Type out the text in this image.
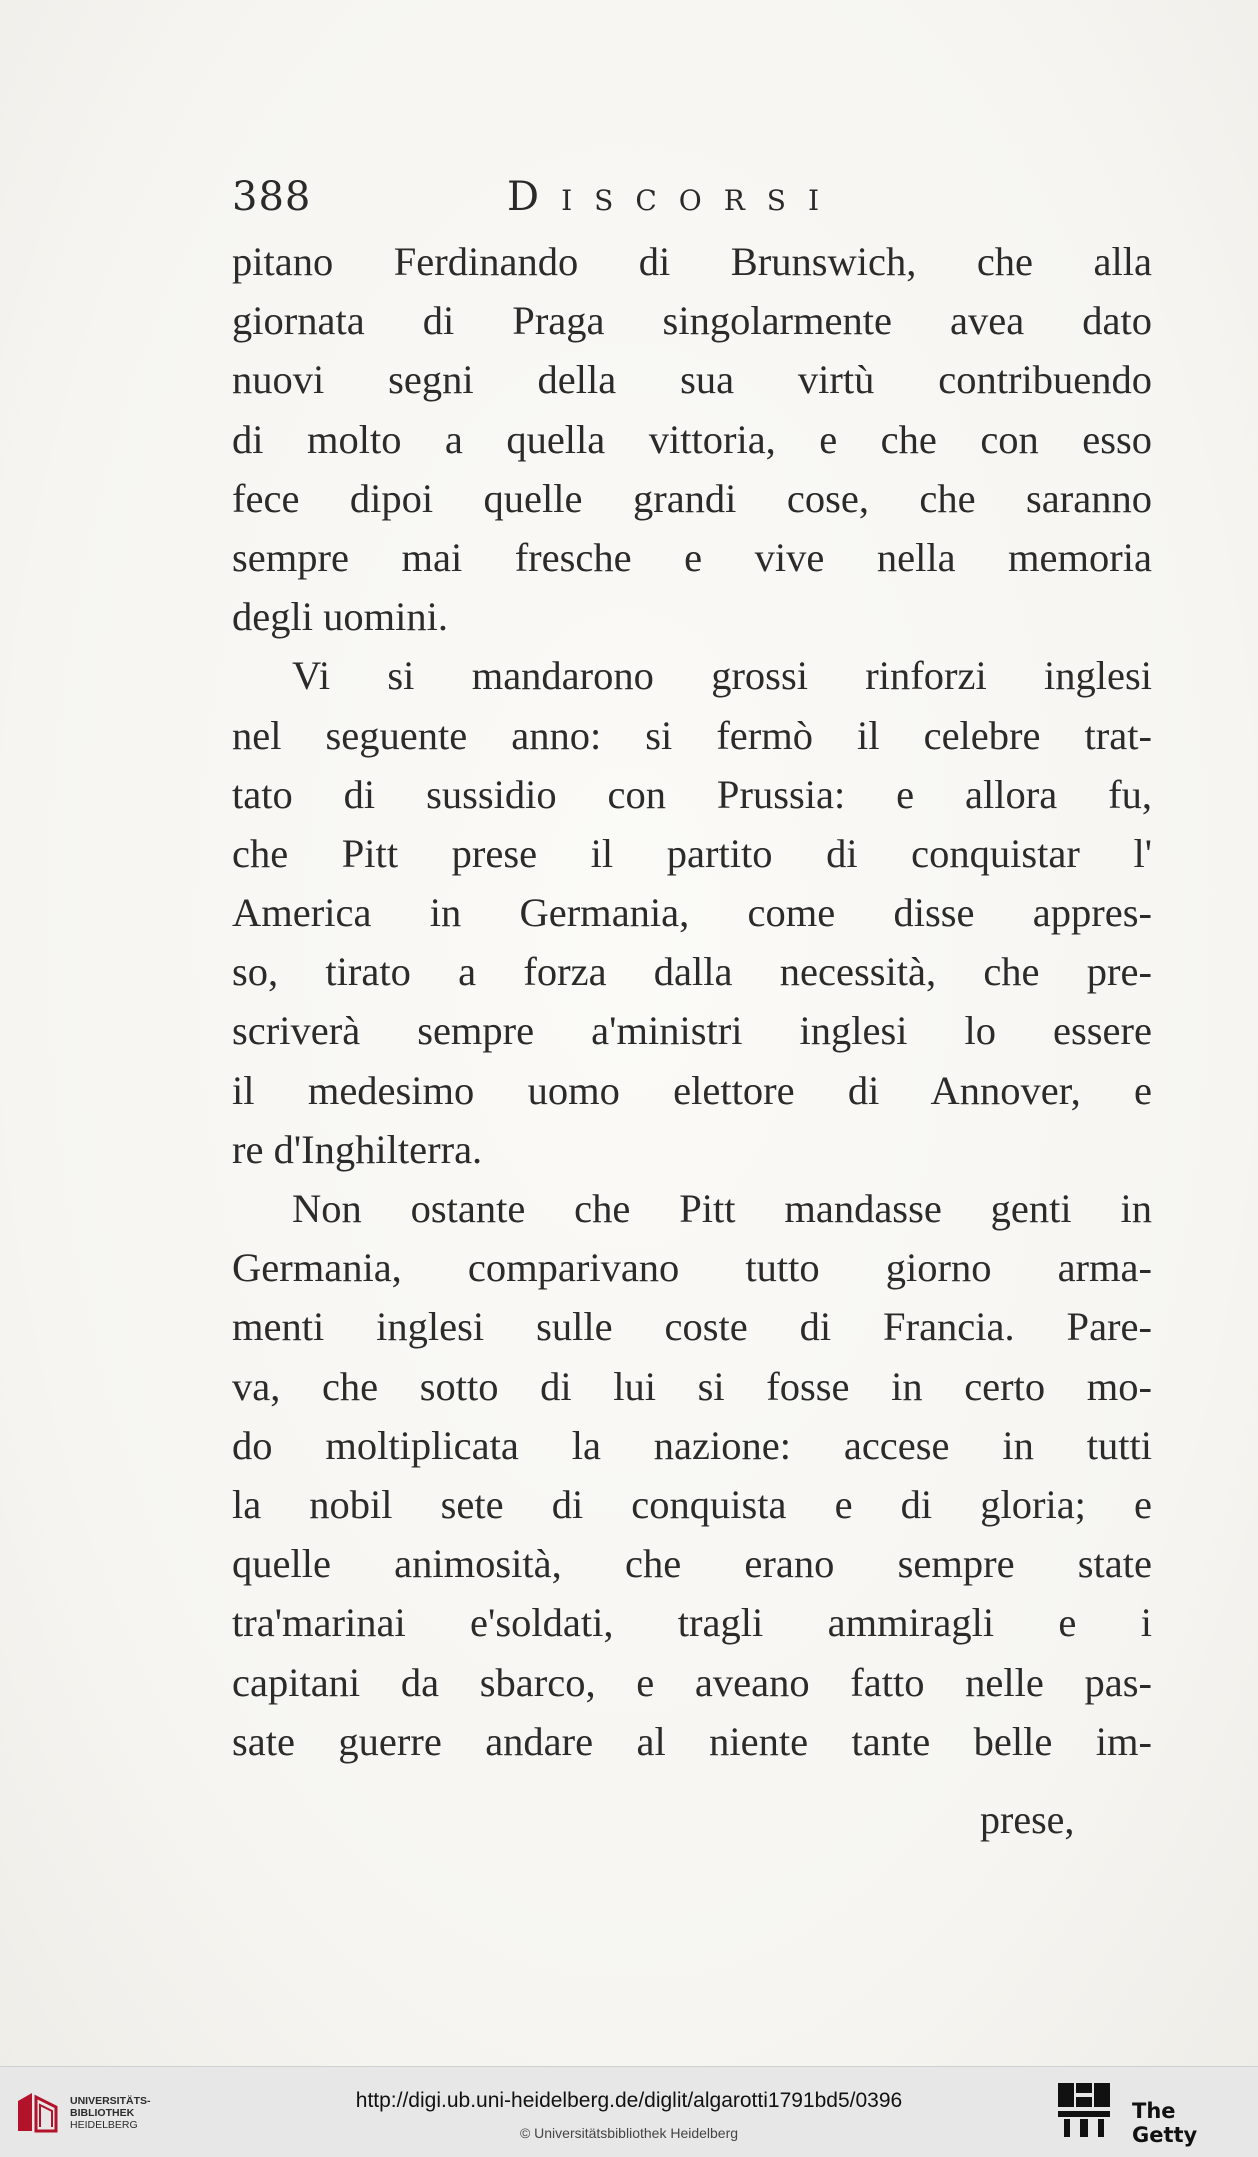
388	Discorsi
pitano Ferdinando di Brunswich, che alla
giornata di Praga singolarmente avea dato
nuovi segni della sua virtù contribuendo
di molto a quella vittoria, e che con esso
fece dipoi quelle grandi cose, che saranno
sempre mai fresche e vive nella memoria
degli uomini.
Vi si mandarono grossi rinforzi inglesi
nel seguente anno: si fermò il celebre trat-
tato di sussidio con Prussia: e allora fu,
che Pitt prese il partito di conquistar l'
America in Germania, come disse appres-
so, tirato a forza dalla necessità, che pre-
scriverà sempre a'ministri inglesi lo essere
il medesimo uomo elettore di Annover, e
re d'Inghilterra.
Non ostante che Pitt mandasse genti in
Germania, comparivano tutto giorno arma-
menti inglesi sulle coste di Francia. Pare-
va, che sotto di lui si fosse in certo mo-
do moltiplicata la nazione: accese in tutti
la nobil sete di conquista e di gloria; e
quelle animosità, che erano sempre state
tra'marinai e'soldati, tragli ammiragli e i
capitani da sbarco, e aveano fatto nelle pas-
sate guerre andare al niente tante belle im-
prese,
UNIVERSITÄTS-
BIBLIOTHEK
HEIDELBERG
http://digi.ub.uni-heidelberg.de/diglit/algarotti1791bd5/0396
© Universitätsbibliothek Heidelberg
The Getty
